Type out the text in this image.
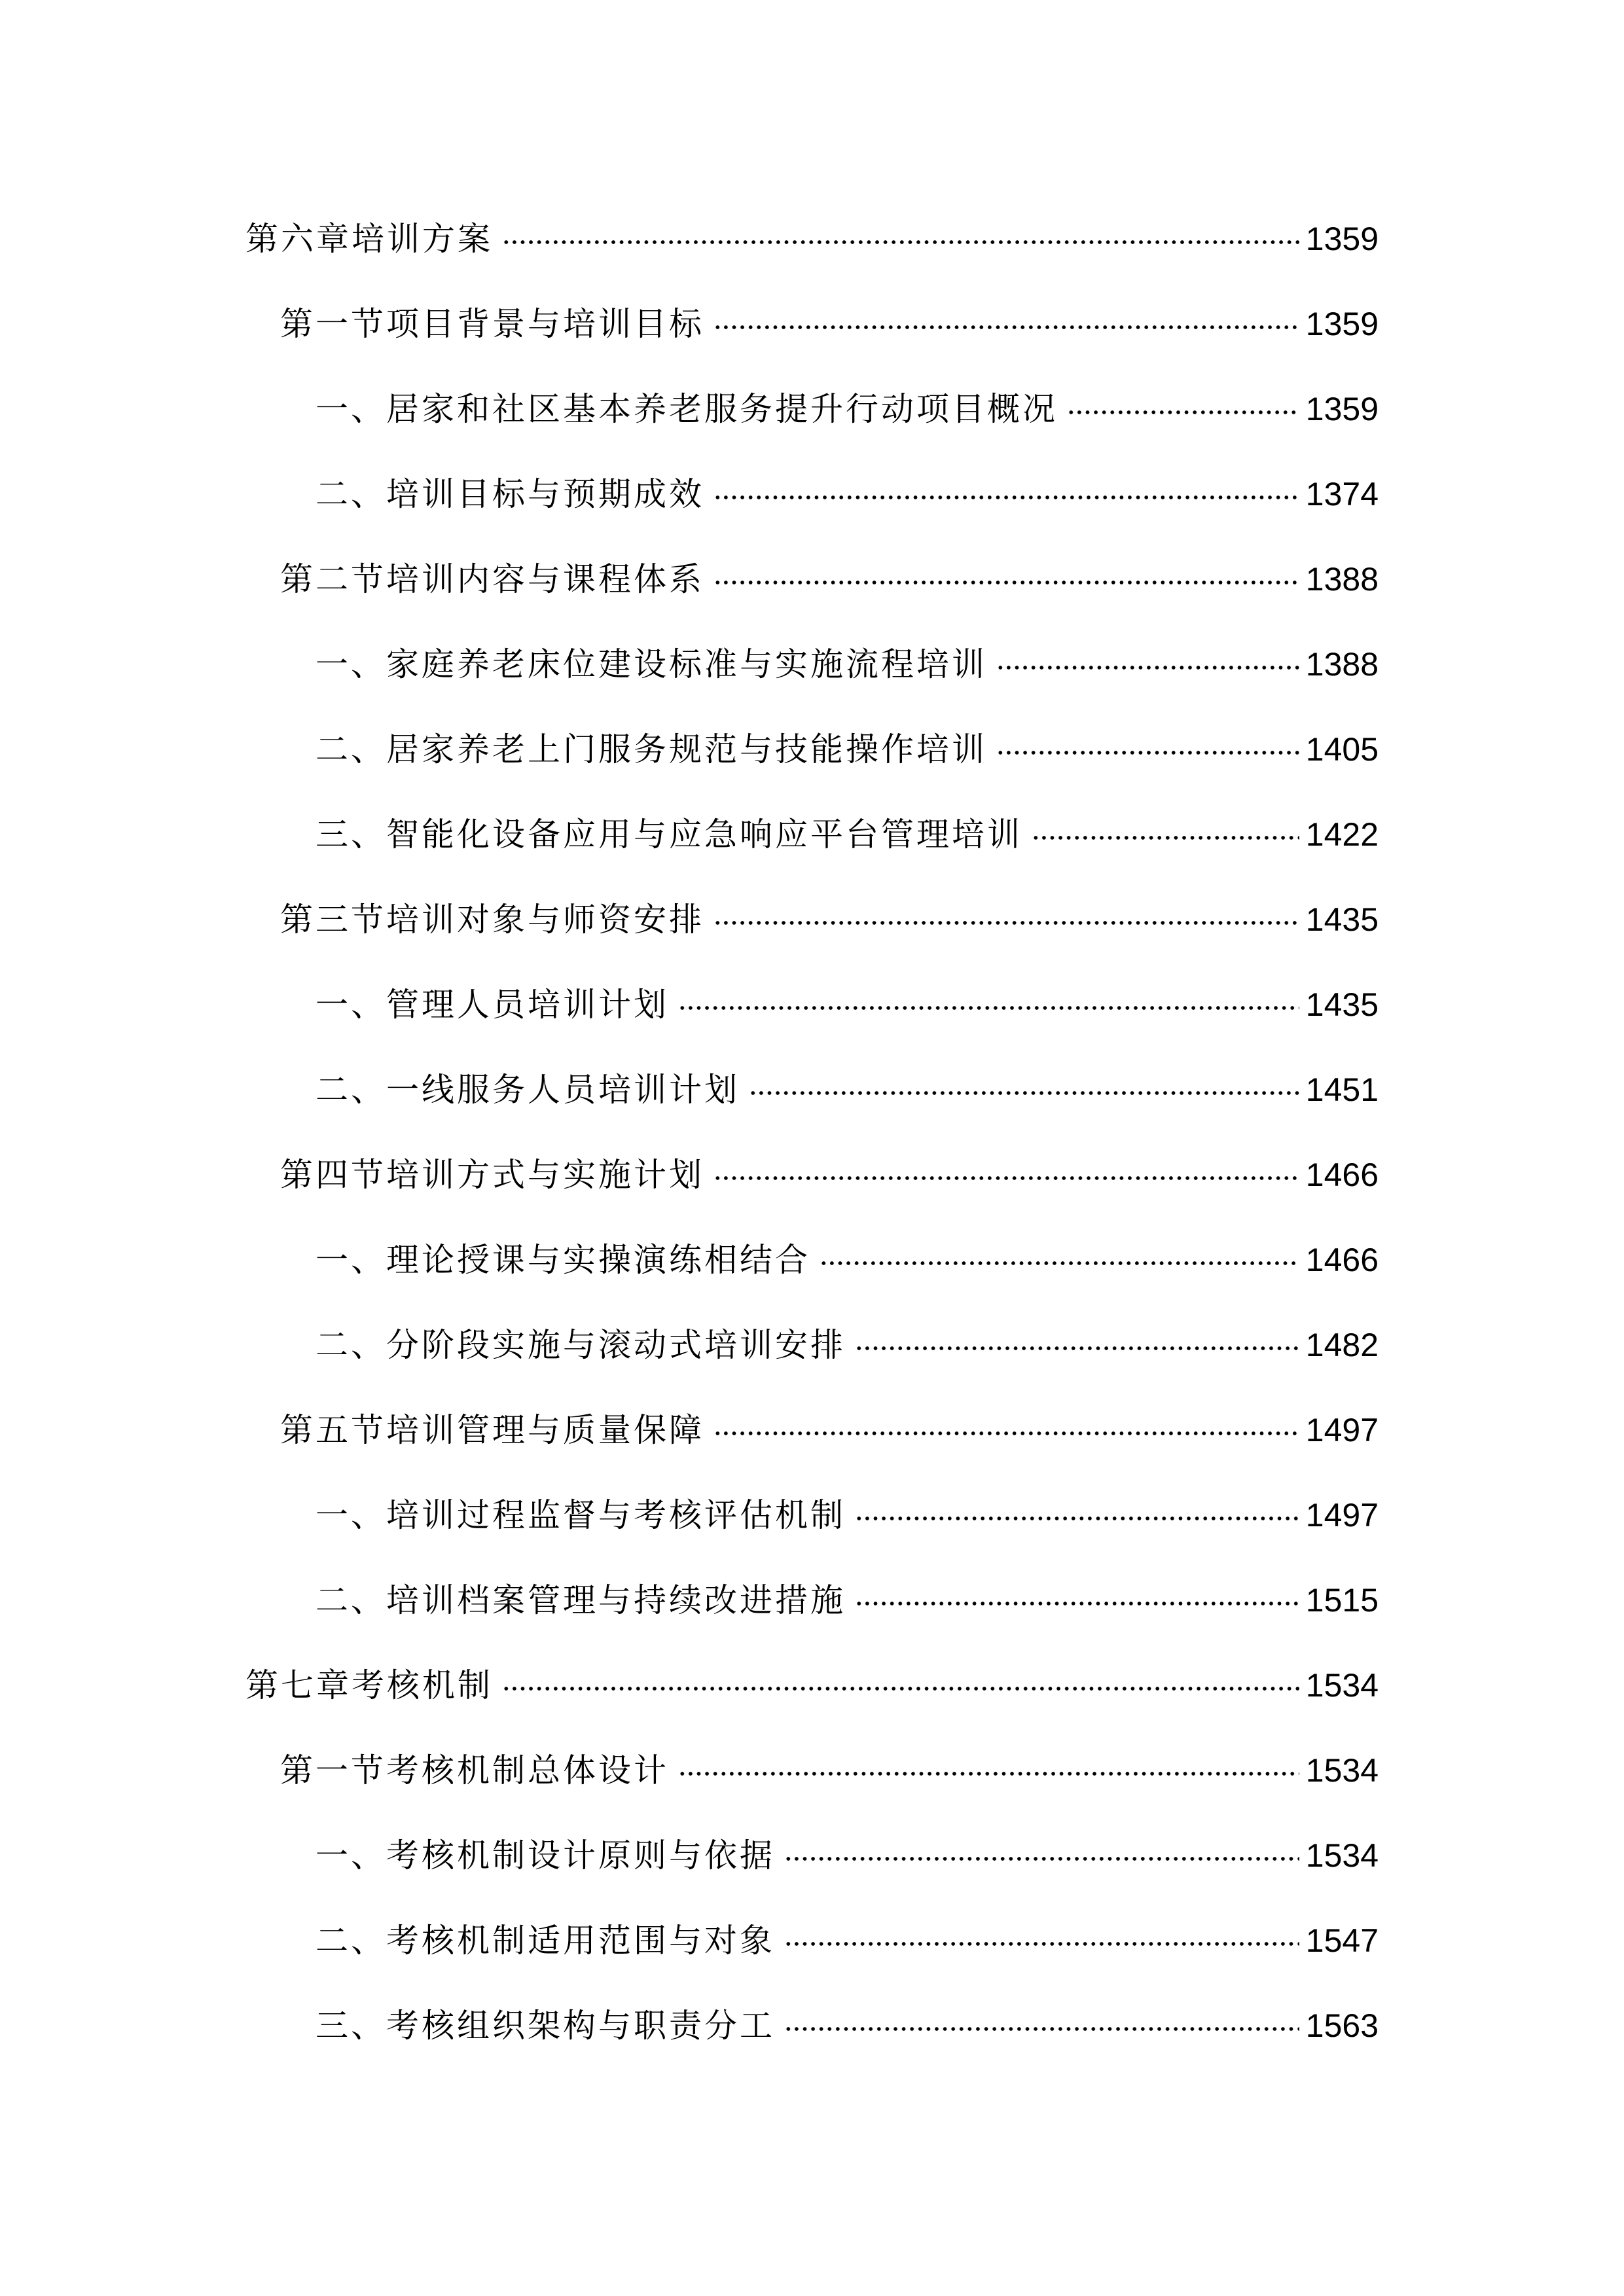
第六章培训方案	1359
第一节项目背景与培训目标	1359
一、居家和社区基本养老服务提升行动项目概况	1359
二、培训目标与预期成效	1374
第二节培训内容与课程体系	1388
一、家庭养老床位建设标准与实施流程培训	1388
二、居家养老上门服务规范与技能操作培训	1405
三、智能化设备应用与应急响应平台管理培训	1422
第三节培训对象与师资安排	1435
一、管理人员培训计划	1435
二、一线服务人员培训计划	1451
第四节培训方式与实施计划	1466
一、理论授课与实操演练相结合	1466
二、分阶段实施与滚动式培训安排	1482
第五节培训管理与质量保障	1497
一、培训过程监督与考核评估机制	1497
二、培训档案管理与持续改进措施	1515
第七章考核机制	1534
第一节考核机制总体设计	1534
一、考核机制设计原则与依据	1534
二、考核机制适用范围与对象	1547
三、考核组织架构与职责分工	1563
